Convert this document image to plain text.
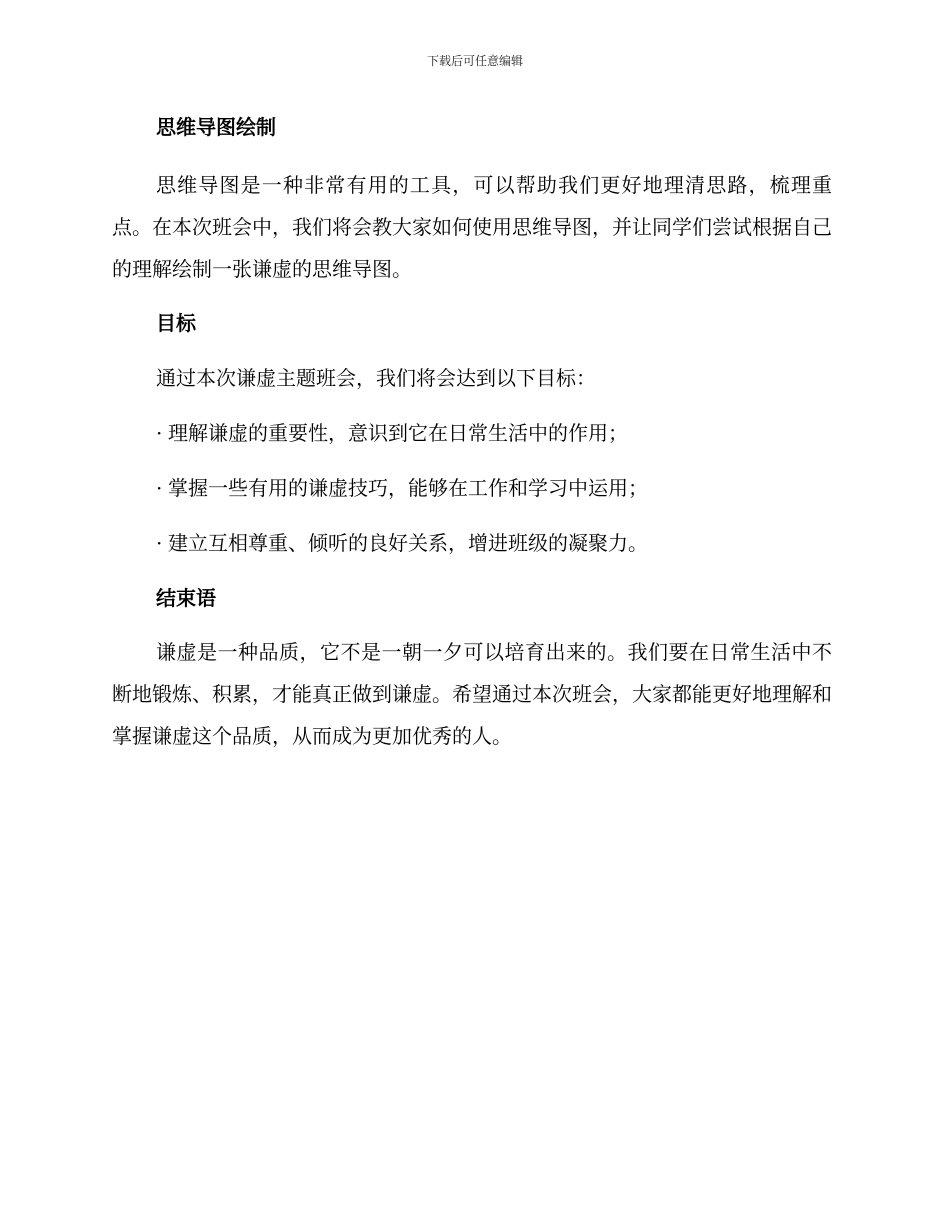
下载后可任意编辑
思维导图绘制

思维导图是一种非常有用的工具，可以帮助我们更好地理清思路，梳理重点。在本次班会中，我们将会教大家如何使用思维导图，并让同学们尝试根据自己的理解绘制一张谦虚的思维导图。

目标

通过本次谦虚主题班会，我们将会达到以下目标：

· 理解谦虚的重要性，意识到它在日常生活中的作用；

· 掌握一些有用的谦虚技巧，能够在工作和学习中运用；

· 建立互相尊重、倾听的良好关系，增进班级的凝聚力。

结束语

谦虚是一种品质，它不是一朝一夕可以培育出来的。我们要在日常生活中不断地锻炼、积累，才能真正做到谦虚。希望通过本次班会，大家都能更好地理解和掌握谦虚这个品质，从而成为更加优秀的人。
